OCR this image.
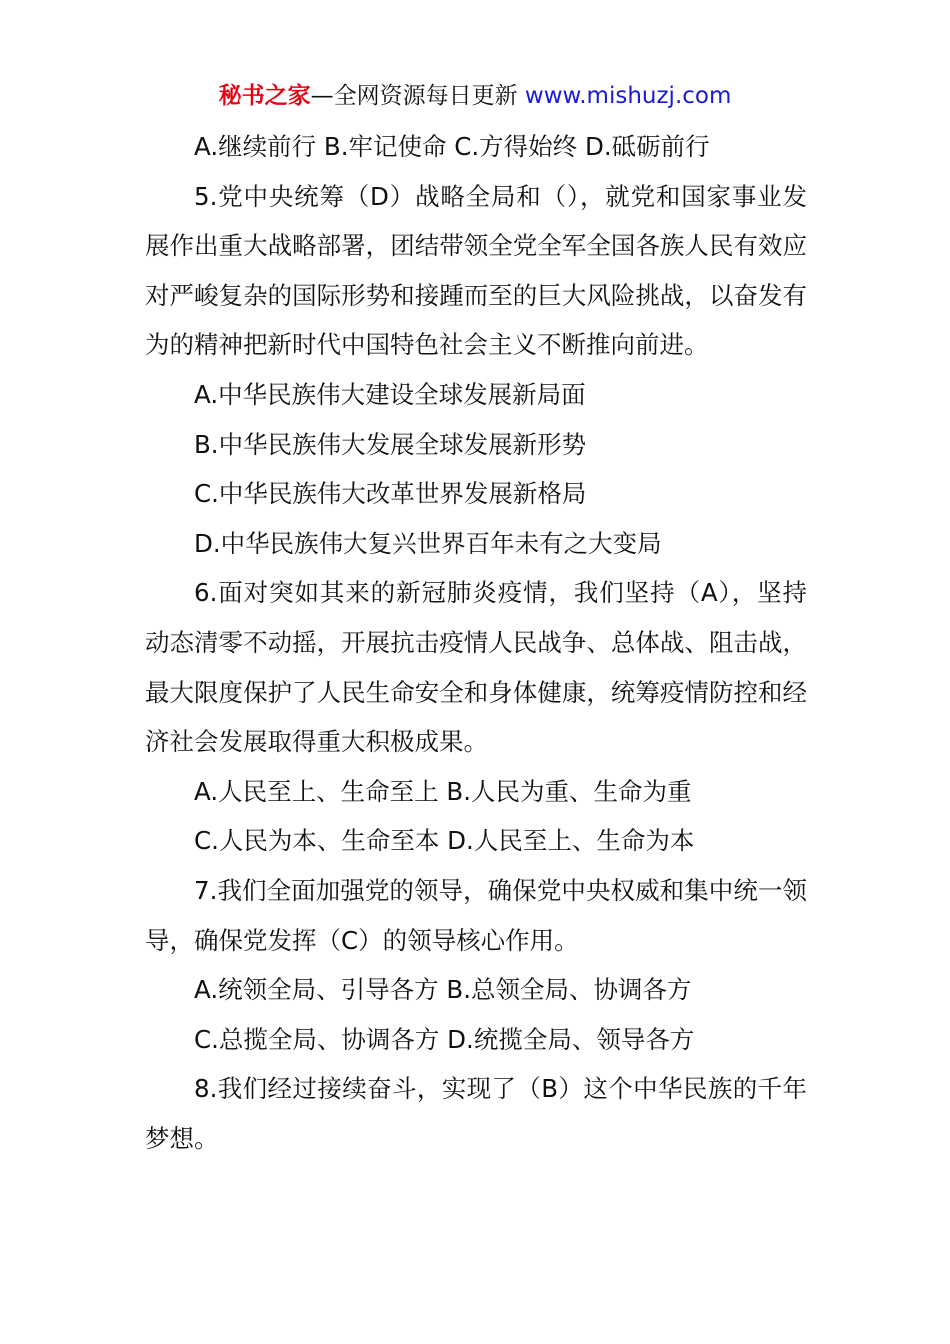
秘书之家—全网资源每日更新 www.mishuzj.com

A.继续前行 B.牢记使命 C.方得始终 D.砥砺前行

5.党中央统筹（D）战略全局和（），就党和国家事业发展作出重大战略部署，团结带领全党全军全国各族人民有效应对严峻复杂的国际形势和接踵而至的巨大风险挑战，以奋发有为的精神把新时代中国特色社会主义不断推向前进。

A.中华民族伟大建设全球发展新局面

B.中华民族伟大发展全球发展新形势

C.中华民族伟大改革世界发展新格局

D.中华民族伟大复兴世界百年未有之大变局

6.面对突如其来的新冠肺炎疫情，我们坚持（A），坚持动态清零不动摇，开展抗击疫情人民战争、总体战、阻击战，最大限度保护了人民生命安全和身体健康，统筹疫情防控和经济社会发展取得重大积极成果。

A.人民至上、生命至上 B.人民为重、生命为重

C.人民为本、生命至本 D.人民至上、生命为本

7.我们全面加强党的领导，确保党中央权威和集中统一领导，确保党发挥（C）的领导核心作用。

A.统领全局、引导各方 B.总领全局、协调各方

C.总揽全局、协调各方 D.统揽全局、领导各方

8.我们经过接续奋斗，实现了（B）这个中华民族的千年梦想。
